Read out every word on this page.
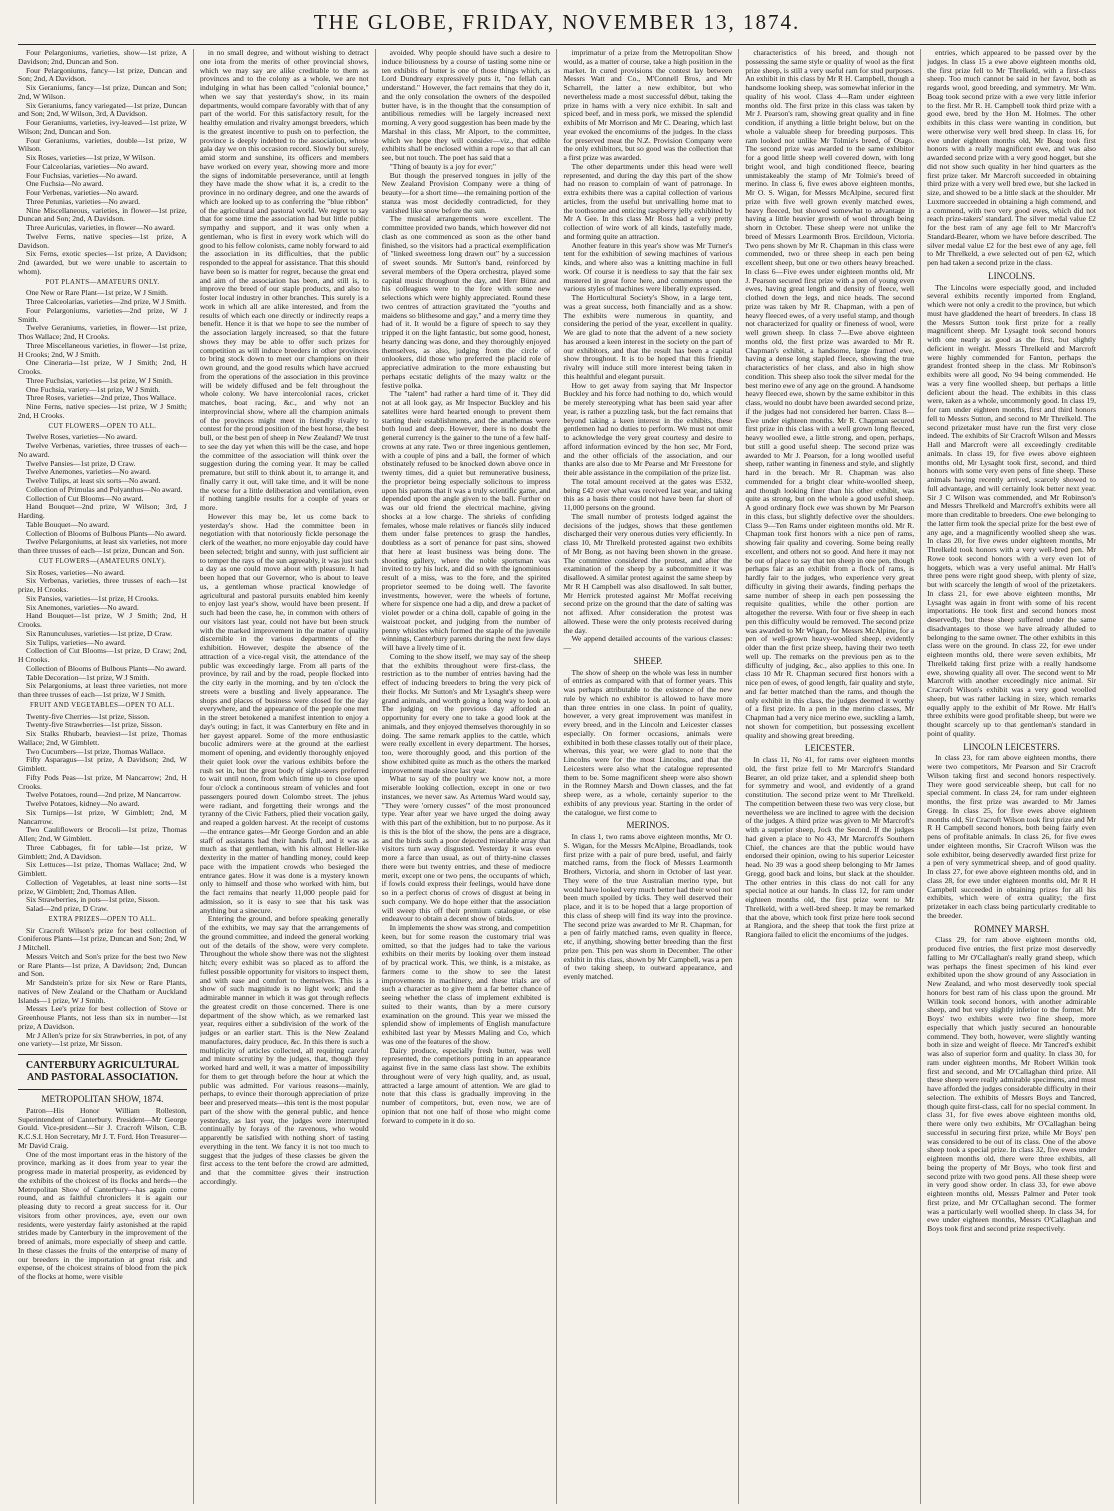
THE GLOBE, FRIDAY, NOVEMBER 13, 1874.

Four Pelargoniums, varieties, show—1st prize, A Davidson; 2nd, Duncan and Son.

Four Pelargoniums, fancy—1st prize, Duncan and Son; 2nd, A Davidson.

Six Geraniums, fancy—1st prize, Duncan and Son; 2nd, W Wilson.

Six Geraniums, fancy variegated—1st prize, Duncan and Son; 2nd, W Wilson, 3rd, A Davidson.

Four Geraniums, varieties, ivy-leaved—1st prize, W Wilson; 2nd, Duncan and Son.

Four Geraniums, varieties, double—1st prize, W Wilson.

Six Roses, varieties—1st prize, W Wilson.

Four Calceolarias, varieties—No award.

Four Fuchsias, varieties—No award.

One Fuchsia—No award.

Four Verbenas, varieties—No award.

Three Petunias, varieties—No award.

Nine Miscellaneous, varieties, in flower—1st prize, Duncan and Son; 2nd, A Davidson.

Three Auriculas, varieties, in flower—No award.

Twelve Ferns, native species—1st prize, A Davidson.

Six Ferns, exotic species—1st prize, A Davidson; 2nd (awarded, but we were unable to ascertain to whom).

POT PLANTS—AMATEURS ONLY.

One New or Rare Plant—1st prize, W J Smith.

Three Calceolarias, varieties—2nd prize, W J Smith.

Four Pelargoniums, varieties—2nd prize, W J Smith.

Twelve Geraniums, varieties, in flower—1st prize, Thos Wallace; 2nd, H Crooks.

Three Miscellaneous varieties, in flower—1st prize, H Crooks; 2nd, W J Smith.

One Cineraria—1st prize, W J Smith; 2nd, H Crooks.

Three Fuchsias, varieties—1st prize, W J Smith.

One Fuchsia, variety—1st prize, W J Smith.

Three Roses, varieties—2nd prize, Thos Wallace.

Nine Ferns, native species—1st prize, W J Smith; 2nd, H Crooks.

CUT FLOWERS—OPEN TO ALL.

Twelve Roses, varieties—No award.

Twelve Verbenas, varieties, three trusses of each—No award.

Twelve Pansies—1st prize, D Craw.

Twelve Anemones, varieties—No award.

Twelve Tulips, at least six sorts—No award.

Collection of Primulas and Polyanthus—No award.

Collection of Cut Blooms—No award.

Hand Bouquet—2nd prize, W Wilson; 3rd, J Harding.

Table Bouquet—No award.

Collection of Blooms of Bulbous Plants—No award.

Twelve Pelargoniums, at least six varieties, not more than three trusses of each—1st prize, Duncan and Son.

CUT FLOWERS—(AMATEURS ONLY).

Six Roses, varieties—No award.

Six Verbenas, varieties, three trusses of each—1st prize, H Crooks.

Six Pansies, varieties—1st prize, H Crooks.

Six Anemones, varieties—No award.

Hand Bouquet—1st prize, W J Smith; 2nd, H Crooks.

Six Ranunculuses, varieties—1st prize, D Craw.

Six Tulips, varieties—No award.

Collection of Cut Blooms—1st prize, D Craw; 2nd, H Crooks.

Collection of Blooms of Bulbous Plants—No award.

Table Decoration—1st prize, W J Smith.

Six Pelargoniums, at least three varieties, not more than three trusses of each—1st prize, W J Smith.

FRUIT AND VEGETABLES—OPEN TO ALL.

Twenty-five Cherries—1st prize, Sisson.

Twenty-five Strawberries—1st prize, Sisson.

Six Stalks Rhubarb, heaviest—1st prize, Thomas Wallace; 2nd, W Gimblett.

Two Cucumbers—1st prize, Thomas Wallace.

Fifty Asparagus—1st prize, A Davidson; 2nd, W Gimblett.

Fifty Pods Peas—1st prize, M Nancarrow; 2nd, H Crooks.

Twelve Potatoes, round—2nd prize, M Nancarrow.

Twelve Potatoes, kidney—No award.

Six Turnips—1st prize, W Gimblett; 2nd, M Nancarrow.

Two Cauliflowers or Brocoli—1st prize, Thomas Allen; 2nd, W Gimblett.

Three Cabbages, fit for table—1st prize, W Gimblett; 2nd, A Davidson.

Six Lettuces—1st prize, Thomas Wallace; 2nd, W Gimblett.

Collection of Vegetables, at least nine sorts—1st prize, W Gimblett; 2nd, Thomas Allen.

Six Strawberries, in pots—1st prize, Sisson.

Salad—2nd prize, D Craw.

EXTRA PRIZES—OPEN TO ALL.

Sir Cracroft Wilson's prize for best collection of Coniferous Plants—1st prize, Duncan and Son; 2nd, W J Mitchell.

Messrs Veitch and Son's prize for the best two New or Rare Plants—1st prize, A Davidson; 2nd, Duncan and Son.

Mr Sandstein's prize for six New or Rare Plants, natives of New Zealand or the Chatham or Auckland Islands—1 prize, W J Smith.

Messrs Lee's prize for best collection of Stove or Greenhouse Plants, not less than six in number—1st prize, A Davidson.

Mr J Allen's prize for six Strawberries, in pot, of any one variety—1st prize, Mr Sisson.

CANTERBURY AGRICULTURAL AND PASTORAL ASSOCIATION.

METROPOLITAN SHOW, 1874.

Patron—His Honor William Rolleston, Superintendent of Canterbury. President—Mr George Gould. Vice-president—Sir J. Cracroft Wilson, C.B. K.C.S.I. Hon Secretary, Mr J. T. Ford. Hon Treasurer—Mr David Craig.

One of the most important eras in the history of the province, marking as it does from year to year the progress made in material prosperity, as evidenced by the exhibits of the choicest of its flocks and herds—the Metropolitan Show of Canterbury—has again come round, and as faithful chroniclers it is again our pleasing duty to record a great success for it. Our visitors from other provinces, aye, even our own residents, were yesterday fairly astonished at the rapid strides made by Canterbury in the improvement of the breed of animals, more especially of sheep and cattle. In these classes the fruits of the enterprise of many of our breeders in the importation at great risk and expense, of the choicest strains of blood from the pick of the flocks at home, were visible

in no small degree, and without wishing to detract one iota from the merits of other provincial shows, which we may say are alike creditable to them as provinces and to the colony as a whole, we are not indulging in what has been called "colonial bounce," when we say that yesterday's show, in its main departments, would compare favorably with that of any part of the world. For this satisfactory result, for the healthy emulation and rivalry amongst breeders, which is the greatest incentive to push on to perfection, the province is deeply indebted to the association, whose gala day we on this occasion record. Slowly but surely, amid storm and sunshine, its officers and members have worked on every year, showing more and more the signs of indomitable perseverance, until at length they have made the show what it is, a credit to the province in no ordinary degree, and one the awards of which are looked up to as conferring the "blue ribbon" of the agricultural and pastoral world. We regret to say that for some time the association had but little public sympathy and support, and it was only when a gentleman, who is first in every work which will do good to his fellow colonists, came nobly forward to aid the association in its difficulties, that the public responded to the appeal for assistance. That this should have been so is matter for regret, because the great end and aim of the association has been, and still is, to improve the breed of our staple products, and also to foster local industry in other branches. This surely is a work in which all are alike interested, and from the results of which each one directly or indirectly reaps a benefit. Hence it is that we hope to see the number of the association largely increased, so that the future shows they may be able to offer such prizes for competition as will induce breeders in other provinces to bring stock down to meet our champions on their own ground, and the good results which have accrued from the operations of the association in this province will be widely diffused and be felt throughout the whole colony. We have intercolonial races, cricket matches, boat racing, &c., and why not an interprovincial show, where all the champion animals of the provinces might meet in friendly rivalry to contest for the proud position of the best horse, the best bull, or the best pen of sheep in New Zealand? We trust to see the day yet when this will be the case, and hope the committee of the association will think over the suggestion during the coming year. It may be called premature, but still to think about it, to arrange it, and finally carry it out, will take time, and it will be none the worse for a little deliberation and ventilation, even if nothing tangible results for a couple of years or more.

However this may be, let us come back to yesterday's show. Had the committee been in negotiation with that notoriously fickle personage the clerk of the weather, no more enjoyable day could have been selected; bright and sunny, with just sufficient air to temper the rays of the sun agreeably, it was just such a day as one could move about with pleasure. It had been hoped that our Governor, who is about to leave us, a gentleman whose practical knowledge of agricultural and pastoral pursuits enabled him keenly to enjoy last year's show, would have been present. If such had been the case, he, in common with others of our visitors last year, could not have but been struck with the marked improvement in the matter of quality discernible in the various departments of the exhibition. However, despite the absence of the attraction of a vice-regal visit, the attendance of the public was exceedingly large. From all parts of the province, by rail and by the road, people flocked into the city early in the morning, and by ten o'clock the streets were a bustling and lively appearance. The shops and places of business were closed for the day everywhere, and the appearance of the people one met in the street betokened a manifest intention to enjoy a day's outing; in fact, it was Canterbury en fête and in her gayest apparel. Some of the more enthusiastic bucolic admirers were at the ground at the earliest moment of opening, and evidently thoroughly enjoyed their quiet look over the various exhibits before the rush set in, but the great body of sight-seers preferred to wait until noon, from which time up to close upon four o'clock a continuous stream of vehicles and foot passengers poured down Colombo street. The jehus were radiant, and forgetting their wrongs and the tyranny of the Civic Fathers, plied their vocation gaily, and reaped a golden harvest. At the receipt of customs—the entrance gates—Mr George Gordon and an able staff of assistants had their hands full, and it was as much as that gentleman, with his almost Heller-like dexterity in the matter of handling money, could keep pace with the impatient crowds who besieged the entrance gates. How it was done is a mystery known only to himself and those who worked with him, but the fact remains that nearly 11,000 people paid for admission, so it is easy to see that his task was anything but a sinecure.

Entering the ground, and before speaking generally of the exhibits, we may say that the arrangements of the ground committee, and indeed the general working out of the details of the show, were very complete. Throughout the whole show there was not the slightest hitch; every exhibit was so placed as to afford the fullest possible opportunity for visitors to inspect them, and with ease and comfort to themselves. This is a show of such magnitude is no light work; and the admirable manner in which it was got through reflects the greatest credit on those concerned. There is one department of the show which, as we remarked last year, requires either a subdivision of the work of the judges or an earlier start. This is the New Zealand manufactures, dairy produce, &c. In this there is such a multiplicity of articles collected, all requiring careful and minute scrutiny by the judges, that, though they worked hard and well, it was a matter of impossibility for them to get through before the hour at which the public was admitted. For various reasons—mainly, perhaps, to evince their thorough appreciation of prize beer and preserved meats—this tent is the most popular part of the show with the general public, and hence yesterday, as last year, the judges were interrupted continually by forays of the ravenous, who would apparently be satisfied with nothing short of tasting everything in the tent. We fancy it is not too much to suggest that the judges of these classes be given the first access to the tent before the crowd are admitted, and that the committee gives their instruction accordingly.

avoided. Why people should have such a desire to induce biliousness by a course of tasting some nine or ten exhibits of butter is one of those things which, as Lord Dundreary expressively puts it, "no fellah can understand." However, the fact remains that they do it, and the only consolation the owners of the despoiled butter have, is in the thought that the consumption of antibilious remedies will be largely increased next morning. A very good suggestion has been made by the Marshal in this class, Mr Alport, to the committee, which we hope they will consider—viz., that edible exhibits shall be enclosed within a rope so that all can see, but not touch. The poet has said that a

"Thing of beauty is a joy for ever;"

But though the preserved tongues in jelly of the New Zealand Provision Company were a thing of beauty—for a short time—the remaining portion of the stanza was most decidedly contradicted, for they vanished like snow before the sun.

The musical arrangements were excellent. The committee provided two bands, which however did not clash as one commenced as soon as the other band finished, so the visitors had a practical exemplification of "linked sweetness long drawn out" by a succession of sweet sounds. Mr Sutton's band, reinforced by several members of the Opera orchestra, played some capital music throughout the day, and Herr Bünz and his colleagues were to the fore with some new selections which were highly appreciated. Round these two centres of attraction gravitated the "youths and maidens so blithesome and gay," and a merry time they had of it. It would be a figure of speech to say they tripped it on the light fantastic, but some good, honest, hearty dancing was done, and they thoroughly enjoyed themselves, as also, judging from the circle of onlookers, did those who preferred the placid role of appreciative admiration to the more exhausting but perhaps ecstatic delights of the mazy waltz or the festive polka.

The "talent" had rather a hard time of it. They did not at all look gay, as Mr Inspector Buckley and his satellites were hard hearted enough to prevent them starting their establishments, and the anathemas were both loud and deep. However, there is no doubt the general currency is the gainer to the tune of a few half-crowns at any rate. Two or three ingenious gentlemen, with a couple of pins and a ball, the former of which obstinately refused to be knocked down above once in twenty times, did a quiet but remunerative business, the proprietor being especially solicitous to impress upon his patrons that it was a truly scientific game, and depended upon the angle given to the ball. Further on was our old friend the electrical machine, giving shocks at a low charge. The shrieks of confiding females, whose male relatives or fiancés slily induced them under false pretences to grasp the handles, doubtless as a sort of penance for past sins, showed that here at least business was being done. The shooting gallery, where the noble sportsman was invited to try his luck, and did so with the ignominious result of a miss, was to the fore, and the spirited proprietor seemed to be doing well. The favorite investments, however, were the wheels of fortune, where for sixpence one had a dip, and drew a packet of violet powder or a china doll, capable of going in the waistcoat pocket, and judging from the number of penny whistles which formed the staple of the juvenile winnings, Canterbury parents during the next few days will have a lively time of it.

Coming to the show itself, we may say of the sheep that the exhibits throughout were first-class, the restriction as to the number of entries having had the effect of inducing breeders to bring the very pick of their flocks. Mr Sutton's and Mr Lysaght's sheep were grand animals, and worth going a long way to look at. The judging on the previous day afforded an opportunity for every one to take a good look at the animals, and they enjoyed themselves thoroughly in so doing. The same remark applies to the cattle, which were really excellent in every department. The horses, too, were thoroughly good, and this portion of the show exhibited quite as much as the others the marked improvement made since last year.

What to say of the poultry we know not, a more miserable looking collection, except in one or two instances, we never saw. As Artemus Ward would say, "They were 'ornery cusses'" of the most pronounced type. Year after year we have urged the doing away with this part of the exhibition, but to no purpose. As it is this is the blot of the show, the pens are a disgrace, and the birds such a poor dejected miserable array that visitors turn away disgusted. Yesterday it was even more a farce than usual, as out of thirty-nine classes there were but twenty entries, and these of mediocre merit, except one or two pens, the occupants of which, if fowls could express their feelings, would have done so in a perfect chorus of crows of disgust at being in such company. We do hope either that the association will sweep this off their premium catalogue, or else endeavour to obtain a decent show of birds.

In implements the show was strong, and competition keen, but for some reason the customary trial was omitted, so that the judges had to take the various exhibits on their merits by looking over them instead of by practical work. This, we think, is a mistake, as farmers come to the show to see the latest improvements in machinery, and these trials are of such a character as to give them a far better chance of seeing whether the class of implement exhibited is suited to their wants, than by a mere cursory examination on the ground. This year we missed the splendid show of implements of English manufacture exhibited last year by Messrs Maling and Co, which was one of the features of the show.

Dairy produce, especially fresh butter, was well represented, the competitors putting in an appearance against five in the same class last show. The exhibits throughout were of very high quality, and, as usual, attracted a large amount of attention. We are glad to note that this class is gradually improving in the number of competitors, but, even now, we are of opinion that not one half of those who might come forward to compete in it do so.

imprimatur of a prize from the Metropolitan Show would, as a matter of course, take a high position in the market. In cured provisions the contest lay between Messrs Watt and Co., M'Connell Bros, and Mr Scharrell, the latter a new exhibitor, but who nevertheless made a most successful début, taking the prize in hams with a very nice exhibit. In salt and spiced beef, and in mess pork, we missed the splendid exhibits of Mr Morrison and Mr C. Dearing, which last year evoked the encomiums of the judges. In the class for preserved meat the N.Z. Provision Company were the only exhibitors, but so good was the collection that a first prize was awarded.

The other departments under this head were well represented, and during the day this part of the show had no reason to complain of want of patronage. In extra exhibits there was a capital collection of various articles, from the useful but unrivalling home mat to the toothsome and enticing raspberry jelly exhibited by Mr A Gee. In this class Mr Ross had a very pretty collection of wire work of all kinds, tastefully made, and forming quite an attraction.

Another feature in this year's show was Mr Turner's tent for the exhibition of sewing machines of various kinds, and where also was a knitting machine in full work. Of course it is needless to say that the fair sex mustered in great force here, and comments upon the various styles of machines were liberally expressed.

The Horticultural Society's Show, in a large tent, was a great success, both financially and as a show. The exhibits were numerous in quantity, and considering the period of the year, excellent in quality. We are glad to note that the advent of a new society has aroused a keen interest in the society on the part of our exhibitors, and that the result has been a capital show throughout. It is to be hoped that this friendly rivalry will induce still more interest being taken in this healthful and elegant pursuit.

How to get away from saying that Mr Inspector Buckley and his force had nothing to do, which would be merely stereotyping what has been said year after year, is rather a puzzling task, but the fact remains that beyond taking a keen interest in the exhibits, these gentlemen had no duties to perform. We must not omit to acknowledge the very great courtesy and desire to afford information evinced by the hon sec, Mr Ford, and the other officials of the association, and our thanks are also due to Mr Pearse and Mr Freestone for their able assistance in the compilation of the prize list.

The total amount received at the gates was £532, being £42 over what was received last year, and taking this as a basis there could not have been far short of 11,000 persons on the ground.

The small number of protests lodged against the decisions of the judges, shows that these gentlemen discharged their very onerous duties very efficiently. In class 10, Mr Threlkeld protested against two exhibits of Mr Bong, as not having been shown in the grease. The committee considered the protest, and after the examination of the sheep by a subcommittee it was disallowed. A similar protest against the same sheep by Mr R H Campbell was also disallowed. In salt butter, Mr Herrick protested against Mr Moffat receiving second prize on the ground that the date of salting was not affixed. After consideration the protest was allowed. These were the only protests received during the day.

We append detailed accounts of the various classes:—

SHEEP.

The show of sheep on the whole was less in number of entries as compared with that of former years. This was perhaps attributable to the existence of the new rule by which no exhibitor is allowed to have more than three entries in one class. In point of quality, however, a very great improvement was manifest in every breed, and in the Lincoln and Leicester classes especially. On former occasions, animals were exhibited in both these classes totally out of their place, whereas, this year, we were glad to note that the Lincolns were for the most Lincolns, and that the Leicesters were also what the catalogue represented them to be. Some magnificent sheep were also shown in the Romney Marsh and Down classes, and the fat sheep were, as a whole, certainly superior to the exhibits of any previous year. Starting in the order of the catalogue, we first come to

MERINOS.

In class 1, two rams above eighteen months, Mr O. S. Wigan, for the Messrs McAlpine, Broadlands, took first prize with a pair of pure bred, useful, and fairly matched rams, from the flock of Messrs Learmonth Brothers, Victoria, and shorn in October of last year. They were of the true Australian merino type, but would have looked very much better had their wool not been much spoiled by ticks. They well deserved their place, and it is to be hoped that a large proportion of this class of sheep will find its way into the province. The second prize was awarded to Mr R. Chapman, for a pen of fairly matched rams, even quality in fleece, etc, if anything, showing better breeding than the first prize pen. This pen was shorn in December. The other exhibit in this class, shown by Mr Campbell, was a pen of two taking sheep, to outward appearance, and evenly matched.

characteristics of his breed, and though not possessing the same style or quality of wool as the first prize sheep, is still a very useful ram for stud purposes. An exhibit in this class by Mr R H. Campbell, though a handsome looking sheep, was somewhat inferior in the quality of his wool. Class 4—Ram under eighteen months old. The first prize in this class was taken by Mr J. Pearson's ram, showing great quality and in fine condition, if anything a little bright below, but on the whole a valuable sheep for breeding purposes. This ram looked not unlike Mr Tolmie's breed, of Otago. The second prize was awarded to the same exhibitor for a good little sheep well covered down, with long bright wool, and high conditioned fleece, bearing unmistakeably the stamp of Mr Tolmie's breed of merino. In class 6, five ewes above eighteen months, Mr O. S. Wigan, for Messrs McAlpine, secured first prize with five well grown evenly matched ewes, heavy fleeced, but showed somewhat to advantage in having a little heavier growth of wool through being shorn in October. These sheep were not unlike the breed of Messrs Learmonth Bros. Ercildoun, Victoria. Two pens shown by Mr R. Chapman in this class were commended, two or three sheep in each pen being excellent sheep, but one or two others heavy breached. In class 6—Five ewes under eighteen months old, Mr J. Pearson secured first prize with a pen of young even ewes, having great length and density of fleece, well clothed down the legs, and nice heads. The second prize was taken by Mr R. Chapman, with a pen of heavy fleeced ewes, of a very useful stamp, and though not characterized for quality or fineness of wool, were well grown sheep. In class 7—Ewe above eighteen months old, the first prize was awarded to Mr R. Chapman's exhibit, a handsome, large framed ewe, having a dense long stapled fleece, showing the true characteristics of her class, and also in high show condition. This sheep also took the silver medal for the best merino ewe of any age on the ground. A handsome heavy fleeced ewe, shown by the same exhibitor in this class, would no doubt have been awarded second prize, if the judges had not considered her barren. Class 8—Ewe under eighteen months. Mr R. Chapman secured first prize in this class with a well grown long fleeced, heavy woolled ewe, a little strong, and open, perhaps, but still a good useful sheep. The second prize was awarded to Mr J. Pearson, for a long woolled useful sheep, rather wanting in fineness and style, and slightly hard in the breach. Mr R. Chapman was also commended for a bright clear white-woolled sheep, and though looking finer than his other exhibit, was quite as strong, but on the whole a good useful sheep. A good ordinary flock ewe was shown by Mr Pearson in this class, but slightly defective over the shoulders. Class 9—Ten Rams under eighteen months old. Mr R. Chapman took first honors with a nice pen of rams, showing fair quality and covering. Some being really excellent, and others not so good. And here it may not be out of place to say that ten sheep in one pen, though perhaps fair as an exhibit from a flock of rams, is hardly fair to the judges, who experience very great difficulty in giving their awards, finding perhaps the same number of sheep in each pen possessing the requisite qualities, while the other portion are altogether the reverse. With four or five sheep in each pen this difficulty would be removed. The second prize was awarded to Mr Wigan, for Messrs McAlpine, for a pen of well-grown heavy-woolled sheep, evidently older than the first prize sheep, having their two teeth well up. The remarks on the previous pen as to the difficulty of judging, &c., also applies to this one. In class 10 Mr R. Chapman secured first honors with a nice pen of ewes, of good length, fair quality and style, and far better matched than the rams, and though the only exhibit in this class, the judges deemed it worthy of a first prize. In a pen in the merino classes, Mr Chapman had a very nice merino ewe, suckling a lamb, not shown for competition, but possessing excellent quality and showing great breeding.

LEICESTER.

In class 11, No 41, for rams over eighteen months old, the first prize fell to Mr Marcroft's Standard Bearer, an old prize taker, and a splendid sheep both for symmetry and wool, and evidently of a grand constitution. The second prize went to Mr Threlkeld. The competition between these two was very close, but nevertheless we are inclined to agree with the decision of the judges. A third prize was given to Mr Marcroft's with a superior sheep, Jock the Second. If the judges had given a place to No 43, Mr Marcroft's Southern Chief, the chances are that the public would have endorsed their opinion, owing to his superior Leicester head. No 39 was a good sheep belonging to Mr James Gregg, good back and loins, but slack at the shoulder. The other entries in this class do not call for any special notice at our hands. In class 12, for ram under eighteen months old, the first prize went to Mr Threlkeld, with a well-bred sheep. It may be remarked that the above, which took first prize here took second at Rangiora, and the sheep that took the first prize at Rangiora failed to elicit the encomiums of the judges.

entries, which appeared to be passed over by the judges. In class 15 a ewe above eighteen months old, the first prize fell to Mr Threlkeld, with a first-class sheep. Too much cannot be said in her favor, both as regards wool, good breeding, and symmetry. Mr Wm. Boag took second prize with a ewe very little inferior to the first. Mr R. H. Campbell took third prize with a good ewe, bred by the Hon M. Holmes. The other exhibits in this class were wanting in condition, but were otherwise very well bred sheep. In class 16, for ewe under eighteen months old, Mr Boag took first honors with a really magnificent ewe, and was also awarded second prize with a very good hogget, but she did not show such quality in her hind quarters as the first prize taker. Mr Marcroft succeeded in obtaining third prize with a very well bred ewe, but she lacked in size, and showed to be a little slack at the shoulder. Mr Luxmore succeeded in obtaining a high commend, and a commend, with two very good ewes, which did not reach prize-takers' standard. The silver medal value £2 for the best ram of any age fell to Mr Marcroft's Standard-Bearer, whom we have before described. The silver medal value £2 for the best ewe of any age, fell to Mr Threlkeld, a ewe selected out of pen 62, which pen had taken a second prize in the class.

LINCOLNS.

The Lincolns were especially good, and included several exhibits recently imported from England, which were not only a credit to the province, but which must have gladdened the heart of breeders. In class 18 the Messrs Sutton took first prize for a really magnificent sheep. Mr Lysaght took second honors with one nearly as good as the first, but slightly deficient in weight. Messrs Threlkeld and Marcroft were highly commended for Fanton, perhaps the grandest fronted sheep in the class. Mr Robinson's exhibits were all good, No 94 being commended. He was a very fine woolled sheep, but perhaps a little deficient about the head. The exhibits in this class were, taken as a whole, uncommonly good. In class 19, for ram under eighteen months, first and third honors fell to Messrs Sutton, and second to Mr Threlkeld. The second prizetaker must have run the first very close indeed. The exhibits of Sir Cracroft Wilson and Messrs Hall and Marcroft were all exceedingly creditable animals. In class 19, for five ewes above eighteen months old, Mr Lysaght took first, second, and third honors with some very even pens of fine sheep. These animals having recently arrived, scarcely showed to full advantage, and will certainly look better next year. Sir J C Wilson was commended, and Mr Robinson's and Messrs Threlkeld and Marcroft's exhibits were all more than creditable to breeders. One ewe belonging to the latter firm took the special prize for the best ewe of any age, and a magnificently woolled sheep she was. In class 20, for five ewes under eighteen months, Mr Threlkeld took honors with a very well-bred pen. Mr Rowe took second honors with a very even lot of hoggets, which was a very useful animal. Mr Hall's three pens were right good sheep, with plenty of size, but with scarcely the length of wool of the prizetakers. In class 21, for ewe above eighteen months, Mr Lysaght was again in front with some of his recent importations. He took first and second honors most deservedly, but these sheep suffered under the same disadvantages to those we have already alluded to belonging to the same owner. The other exhibits in this class were on the ground. In class 22, for ewe under eighteen months old, there were seven exhibits, Mr Threlkeld taking first prize with a really handsome ewe, showing quality all over. The second went to Mr Marcroft with another exceedingly nice animal. Sir Cracroft Wilson's exhibit was a very good woolled sheep, but was rather lacking in size, which remarks equally apply to the exhibit of Mr Rowe. Mr Hall's three exhibits were good profitable sheep, but were we thought scarcely up to that gentleman's standard in point of quality.

LINCOLN LEICESTERS.

In class 23, for ram above eighteen months, there were two competitors, Mr Pearson and Sir Cracroft Wilson taking first and second honors respectively. They were good serviceable sheep, but call for no special comment. In class 24, for ram under eighteen months, the first prize was awarded to Mr James Gregg. In class 25, for five ewes above eighteen months old, Sir Cracroft Wilson took first prize and Mr R H Campbell second honors, both being fairly even pens of profitable animals. In class 26, for five ewes under eighteen months, Sir Cracroft Wilson was the sole exhibitor, being deservedly awarded first prize for a pen of very symmetrical sheep, and of good quality. In class 27, for ewe above eighteen months old, and in class 28, for ewe under eighteen months old, Mr R H Campbell succeeded in obtaining prizes for all his exhibits, which were of extra quality; the first prizetaker in each class being particularly creditable to the breeder.

ROMNEY MARSH.

Class 29, for ram above eighteen months old, produced five entries, the first prize most deservedly falling to Mr O'Callaghan's really grand sheep, which was perhaps the finest specimen of his kind ever exhibited upon the show ground of any Association in New Zealand, and who most deservedly took special honors for best ram of his class upon the ground. Mr Wilkin took second honors, with another admirable sheep, and but very slightly inferior to the former. Mr Boys' two exhibits were two fine sheep, more especially that which justly secured an honourable commend. They both, however, were slightly wanting both in size and weight of fleece. Mr Tancred's exhibit was also of superior form and quality. In class 30, for ram under eighteen months, Mr Robert Wilkin took first and second, and Mr O'Callaghan third prize. All these sheep were really admirable specimens, and must have afforded the judges considerable difficulty in their selection. The exhibits of Messrs Boys and Tancred, though quite first-class, call for no special comment. In class 31, for five ewes above eighteen months old, there were only two exhibits, Mr O'Callaghan being successful in securing first prize, while Mr Boys' pen was considered to be out of its class. One of the above sheep took a special prize. In class 32, five ewes under eighteen months old, there were three exhibits, all being the property of Mr Boys, who took first and second prize with two good pens. All these sheep were in very good show order. In class 33, for ewe above eighteen months old, Messrs Palmer and Peter took first prize, and Mr O'Callaghan second. The former was a particularly well woolled sheep. In class 34, for ewe under eighteen months, Messrs O'Callaghan and Boys took first and second prize respectively.
